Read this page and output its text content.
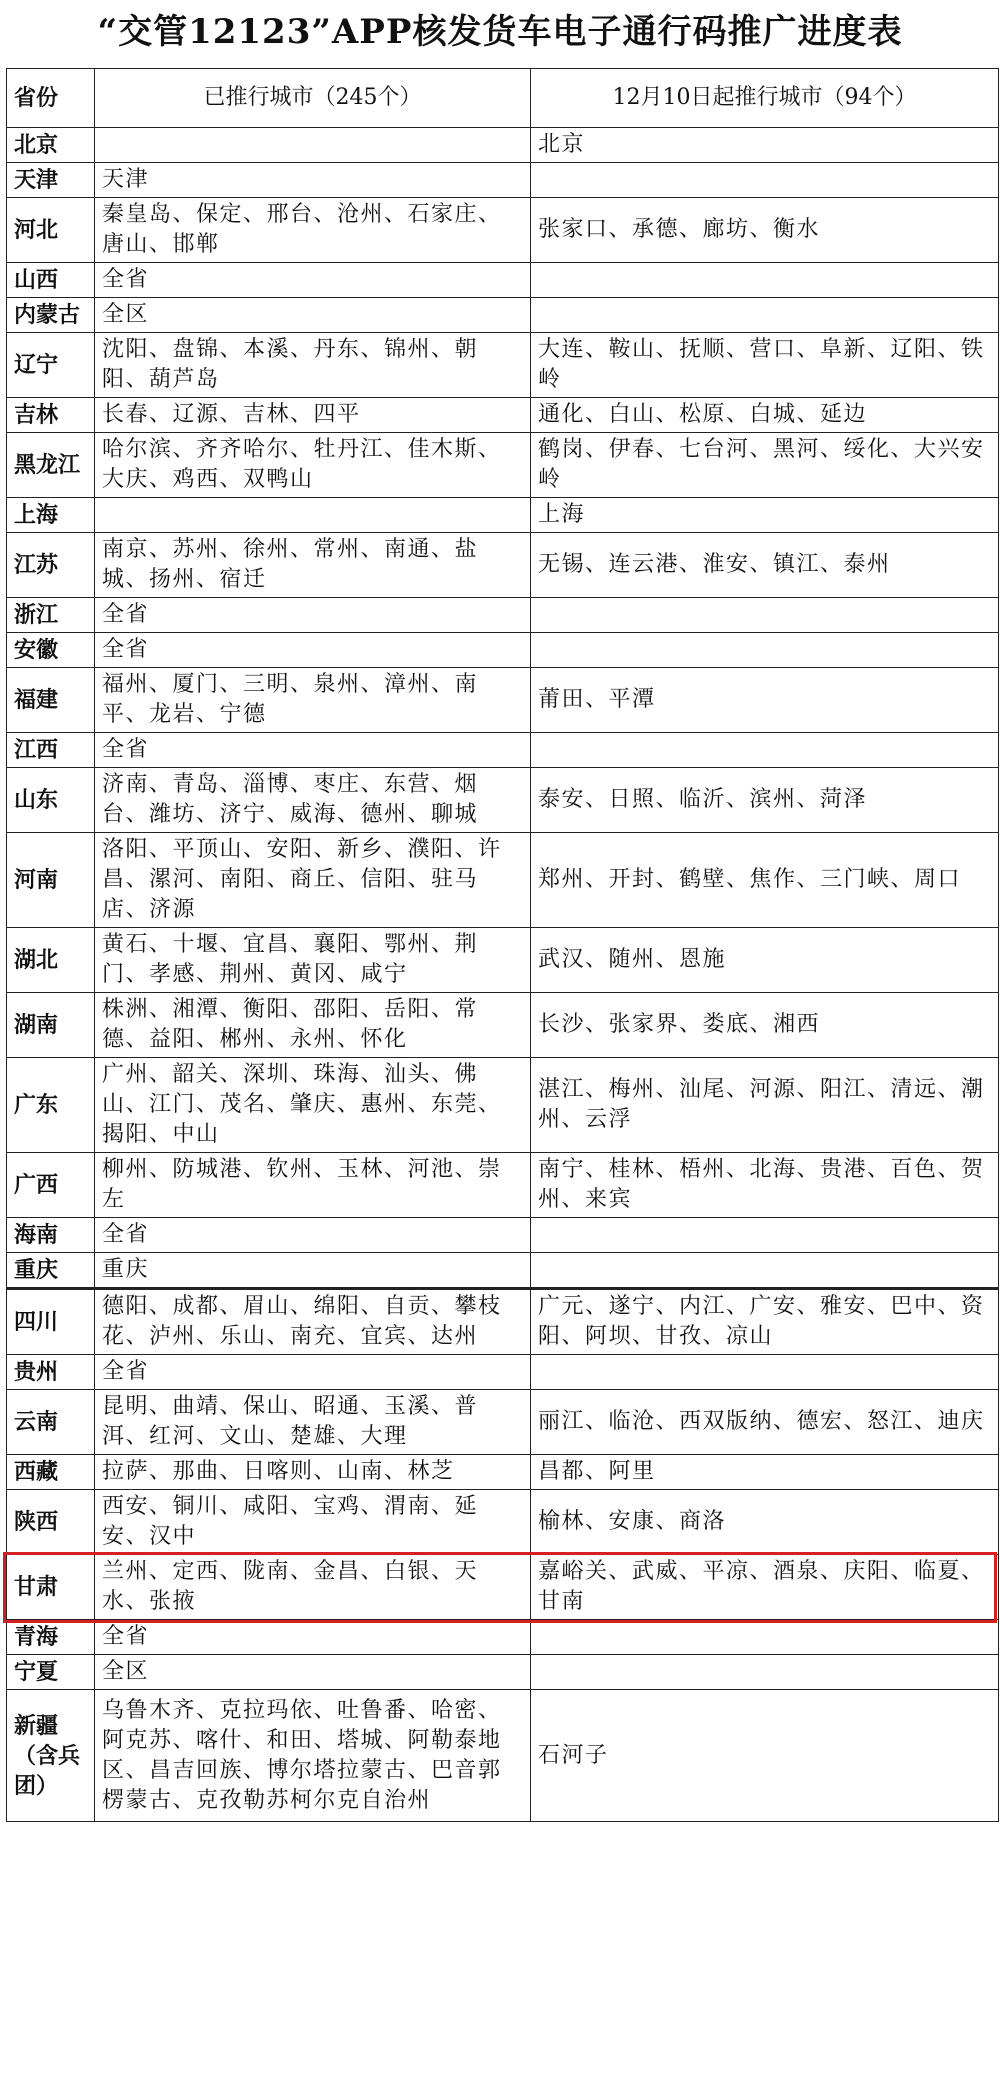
“交管12123”APP核发货车电子通行码推广进度表
省份	已推行城市（245个）	12月10日起推行城市（94个）
北京		北京
天津	天津	
河北	秦皇岛、保定、邢台、沧州、石家庄、唐山、邯郸	张家口、承德、廊坊、衡水
山西	全省	
内蒙古	全区	
辽宁	沈阳、盘锦、本溪、丹东、锦州、朝阳、葫芦岛	大连、鞍山、抚顺、营口、阜新、辽阳、铁岭
吉林	长春、辽源、吉林、四平	通化、白山、松原、白城、延边
黑龙江	哈尔滨、齐齐哈尔、牡丹江、佳木斯、大庆、鸡西、双鸭山	鹤岗、伊春、七台河、黑河、绥化、大兴安岭
上海		上海
江苏	南京、苏州、徐州、常州、南通、盐城、扬州、宿迁	无锡、连云港、淮安、镇江、泰州
浙江	全省	
安徽	全省	
福建	福州、厦门、三明、泉州、漳州、南平、龙岩、宁德	莆田、平潭
江西	全省	
山东	济南、青岛、淄博、枣庄、东营、烟台、潍坊、济宁、威海、德州、聊城	泰安、日照、临沂、滨州、菏泽
河南	洛阳、平顶山、安阳、新乡、濮阳、许昌、漯河、南阳、商丘、信阳、驻马店、济源	郑州、开封、鹤壁、焦作、三门峡、周口
湖北	黄石、十堰、宜昌、襄阳、鄂州、荆门、孝感、荆州、黄冈、咸宁	武汉、随州、恩施
湖南	株洲、湘潭、衡阳、邵阳、岳阳、常德、益阳、郴州、永州、怀化	长沙、张家界、娄底、湘西
广东	广州、韶关、深圳、珠海、汕头、佛山、江门、茂名、肇庆、惠州、东莞、揭阳、中山	湛江、梅州、汕尾、河源、阳江、清远、潮州、云浮
广西	柳州、防城港、钦州、玉林、河池、崇左	南宁、桂林、梧州、北海、贵港、百色、贺州、来宾
海南	全省	
重庆	重庆	
四川	德阳、成都、眉山、绵阳、自贡、攀枝花、泸州、乐山、南充、宜宾、达州	广元、遂宁、内江、广安、雅安、巴中、资阳、阿坝、甘孜、凉山
贵州	全省	
云南	昆明、曲靖、保山、昭通、玉溪、普洱、红河、文山、楚雄、大理	丽江、临沧、西双版纳、德宏、怒江、迪庆
西藏	拉萨、那曲、日喀则、山南、林芝	昌都、阿里
陕西	西安、铜川、咸阳、宝鸡、渭南、延安、汉中	榆林、安康、商洛
甘肃	兰州、定西、陇南、金昌、白银、天水、张掖	嘉峪关、武威、平凉、酒泉、庆阳、临夏、甘南
青海	全省	
宁夏	全区	
新疆（含兵团）	乌鲁木齐、克拉玛依、吐鲁番、哈密、阿克苏、喀什、和田、塔城、阿勒泰地区、昌吉回族、博尔塔拉蒙古、巴音郭楞蒙古、克孜勒苏柯尔克自治州	石河子
